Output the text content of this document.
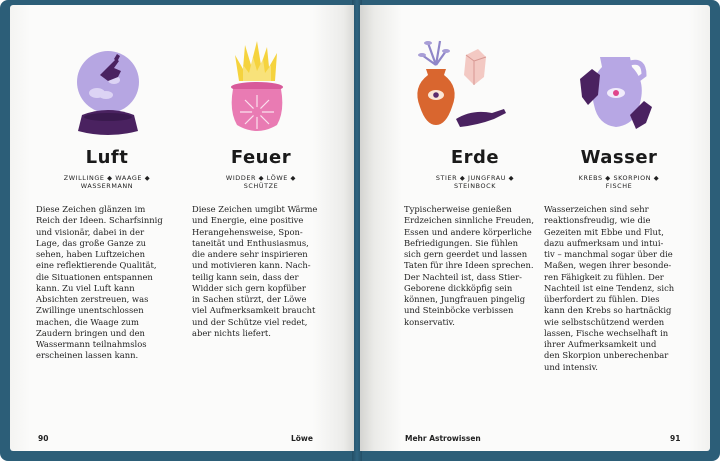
Luft
ZWILLINGE ◆ WAAGE ◆
WASSERMANN
Diese Zeichen glänzen im
Reich der Ideen. Scharfsinnig
und visionär, dabei in der
Lage, das große Ganze zu
sehen, haben Luftzeichen
eine reflektierende Qualität,
die Situationen entspannen
kann. Zu viel Luft kann
Absichten zerstreuen, was
Zwillinge unentschlossen
machen, die Waage zum
Zaudern bringen und den
Wassermann teilnahmslos
erscheinen lassen kann.
Feuer
WIDDER ◆ LÖWE ◆
SCHÜTZE
Diese Zeichen umgibt Wärme
und Energie, eine positive
Herangehensweise, Spon-
taneität und Enthusiasmus,
die andere sehr inspirieren
und motivieren kann. Nach-
teilig kann sein, dass der
Widder sich gern kopfüber
in Sachen stürzt, der Löwe
viel Aufmerksamkeit braucht
und der Schütze viel redet,
aber nichts liefert.
90	Löwe
Erde
STIER ◆ JUNGFRAU ◆
STEINBOCK
Typischerweise genießen
Erdzeichen sinnliche Freuden,
Essen und andere körperliche
Befriedigungen. Sie fühlen
sich gern geerdet und lassen
Taten für ihre Ideen sprechen.
Der Nachteil ist, dass Stier-
Geborene dickköpfig sein
können, Jungfrauen pingelig
und Steinböcke verbissen
konservativ.
Wasser
KREBS ◆ SKORPION ◆
FISCHE
Wasserzeichen sind sehr
reaktionsfreudig, wie die
Gezeiten mit Ebbe und Flut,
dazu aufmerksam und intui-
tiv – manchmal sogar über die
Maßen, wegen ihrer besonde-
ren Fähigkeit zu fühlen. Der
Nachteil ist eine Tendenz, sich
überfordert zu fühlen. Dies
kann den Krebs so hartnäckig
wie selbstschützend werden
lassen, Fische wechselhaft in
ihrer Aufmerksamkeit und
den Skorpion unberechenbar
und intensiv.
Mehr Astrowissen	91
